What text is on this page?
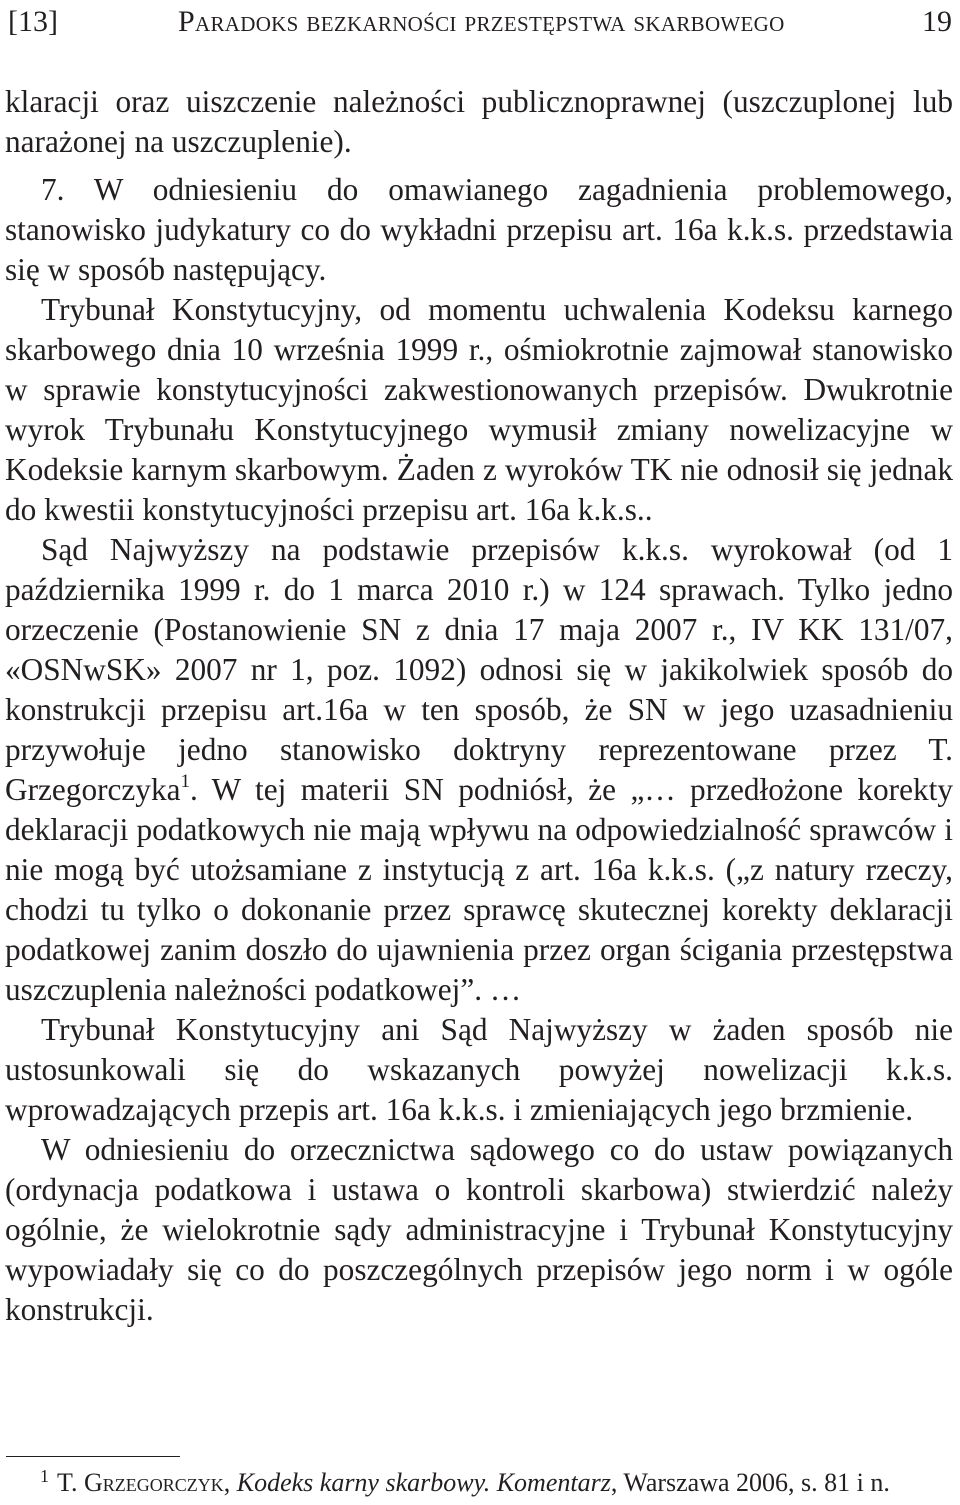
[13]	Paradoks bezkarności przestępstwa skarbowego	19

klaracji oraz uiszczenie należności publicznoprawnej (uszczuplonej lub narażonej na uszczuplenie).

7. W odniesieniu do omawianego zagadnienia problemowego, stanowisko judykatury co do wykładni przepisu art. 16a k.k.s. przedstawia się w sposób następujący.

Trybunał Konstytucyjny, od momentu uchwalenia Kodeksu karnego skarbowego dnia 10 września 1999 r., ośmiokrotnie zajmował stanowisko w sprawie konstytucyjności zakwestionowanych przepisów. Dwukrotnie wyrok Trybunału Konstytucyjnego wymusił zmiany nowelizacyjne w Kodeksie karnym skarbowym. Żaden z wyroków TK nie odnosił się jednak do kwestii konstytucyjności przepisu art. 16a k.k.s..

Sąd Najwyższy na podstawie przepisów k.k.s. wyrokował (od 1 października 1999 r. do 1 marca 2010 r.) w 124 sprawach. Tylko jedno orzeczenie (Postanowienie SN z dnia 17 maja 2007 r., IV KK 131/07, «OSNwSK» 2007 nr 1, poz. 1092) odnosi się w jakikolwiek sposób do konstrukcji przepisu art.16a w ten sposób, że SN w jego uzasadnieniu przywołuje jedno stanowisko doktryny reprezentowane przez T. Grzegorczyka$^1$. W tej materii SN podniósł, że „… przedłożone korekty deklaracji podatkowych nie mają wpływu na odpowiedzialność sprawców i nie mogą być utożsamiane z instytucją z art. 16a k.k.s. („z natury rzeczy, chodzi tu tylko o dokonanie przez sprawcę skutecznej korekty deklaracji podatkowej zanim doszło do ujawnienia przez organ ścigania przestępstwa uszczuplenia należności podatkowej”. …

Trybunał Konstytucyjny ani Sąd Najwyższy w żaden sposób nie ustosunkowali się do wskazanych powyżej nowelizacji k.k.s. wprowadzających przepis art. 16a k.k.s. i zmieniających jego brzmienie.

W odniesieniu do orzecznictwa sądowego co do ustaw powiązanych (ordynacja podatkowa i ustawa o kontroli skarbowa) stwierdzić należy ogólnie, że wielokrotnie sądy administracyjne i Trybunał Konstytucyjny wypowiadały się co do poszczególnych przepisów jego norm i w ogóle konstrukcji.

$^1$ T. Grzegorczyk, Kodeks karny skarbowy. Komentarz, Warszawa 2006, s. 81 i n.
